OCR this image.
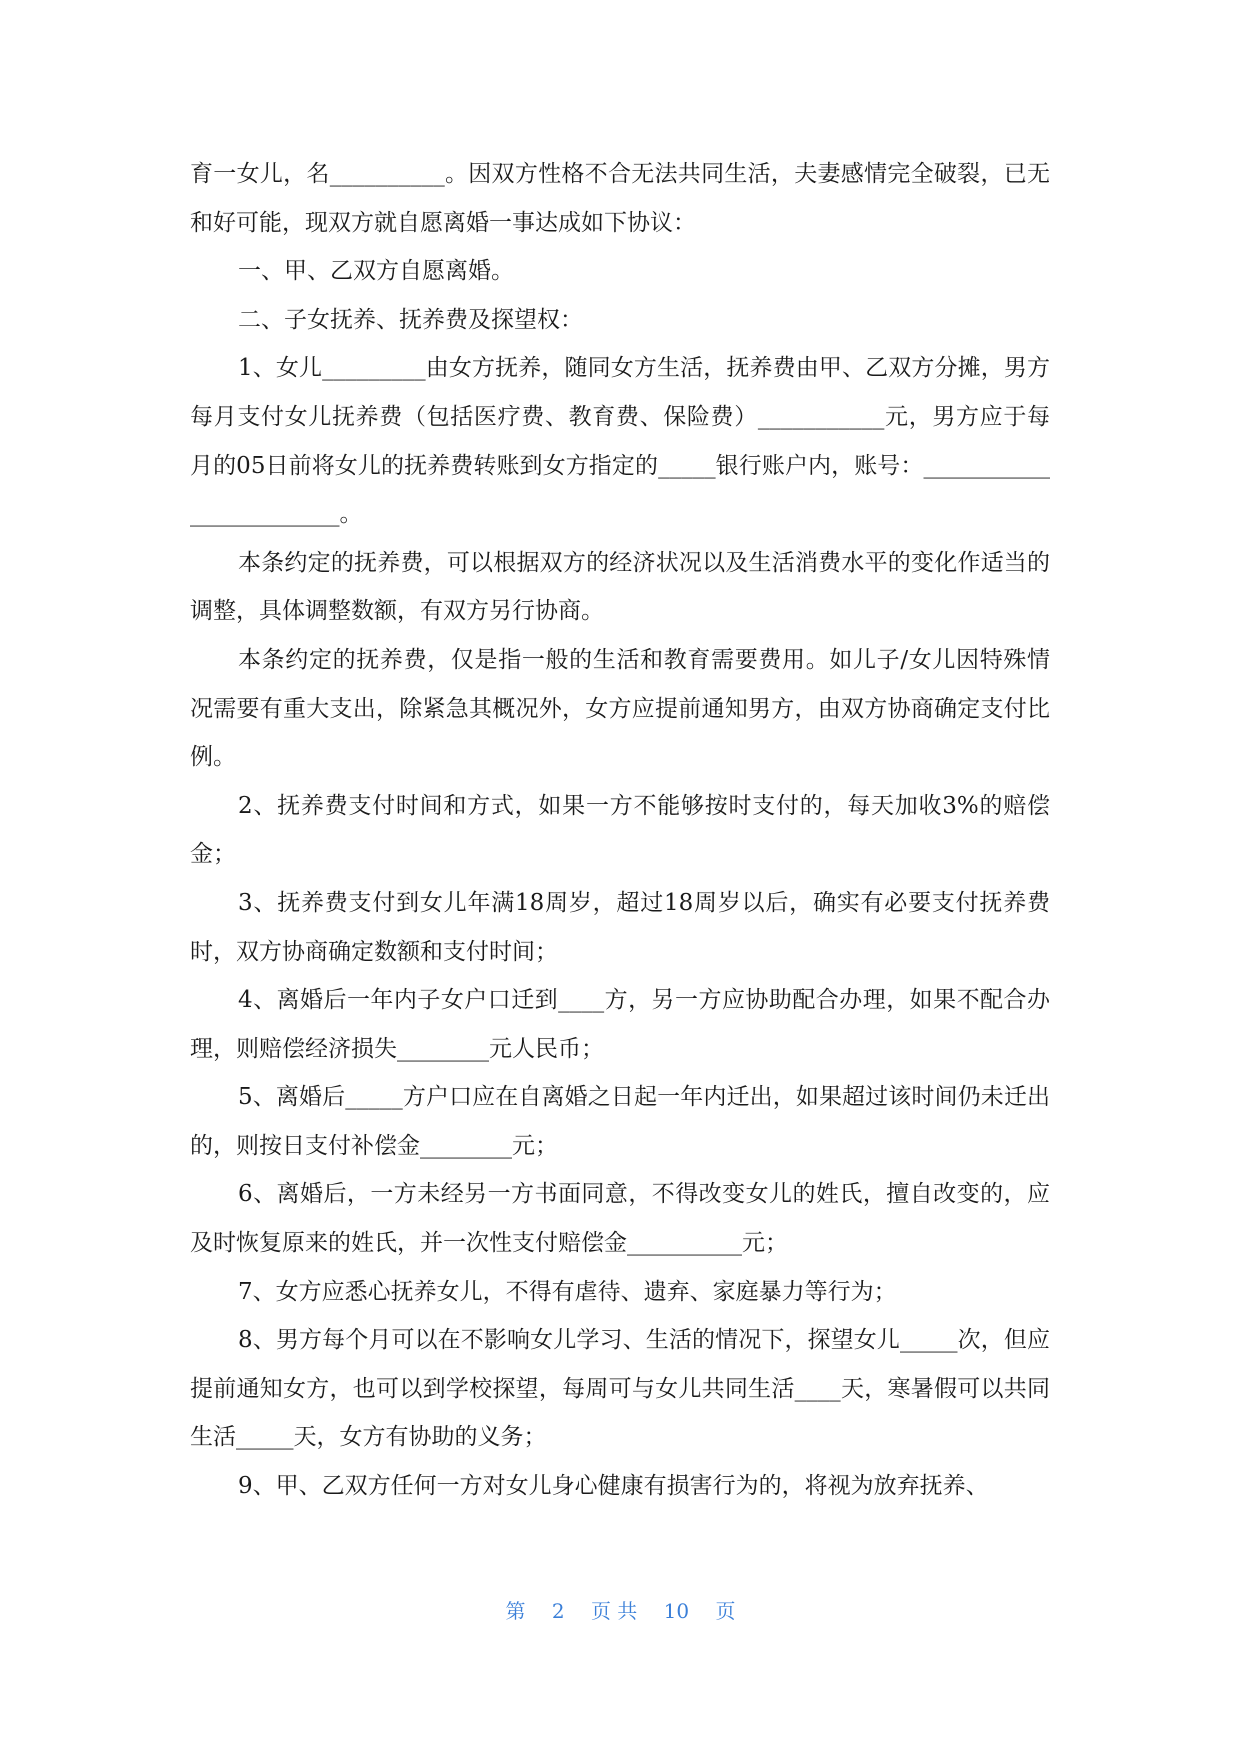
育一女儿，名__________。因双方性格不合无法共同生活，夫妻感情完全破裂，已无和好可能，现双方就自愿离婚一事达成如下协议：

一、甲、乙双方自愿离婚。

二、子女抚养、抚养费及探望权：

1、女儿_________由女方抚养，随同女方生活，抚养费由甲、乙双方分摊，男方每月支付女儿抚养费（包括医疗费、教育费、保险费）___________元，男方应于每月的05日前将女儿的抚养费转账到女方指定的_____银行账户内，账号：________________________。

本条约定的抚养费，可以根据双方的经济状况以及生活消费水平的变化作适当的调整，具体调整数额，有双方另行协商。

本条约定的抚养费，仅是指一般的生活和教育需要费用。如儿子/女儿因特殊情况需要有重大支出，除紧急其概况外，女方应提前通知男方，由双方协商确定支付比例。

2、抚养费支付时间和方式，如果一方不能够按时支付的，每天加收3%的赔偿金；

3、抚养费支付到女儿年满18周岁，超过18周岁以后，确实有必要支付抚养费时，双方协商确定数额和支付时间；

4、离婚后一年内子女户口迁到____方，另一方应协助配合办理，如果不配合办理，则赔偿经济损失________元人民币；

5、离婚后_____方户口应在自离婚之日起一年内迁出，如果超过该时间仍未迁出的，则按日支付补偿金________元；

6、离婚后，一方未经另一方书面同意，不得改变女儿的姓氏，擅自改变的，应及时恢复原来的姓氏，并一次性支付赔偿金__________元；

7、女方应悉心抚养女儿，不得有虐待、遗弃、家庭暴力等行为；

8、男方每个月可以在不影响女儿学习、生活的情况下，探望女儿_____次，但应提前通知女方，也可以到学校探望，每周可与女儿共同生活____天，寒暑假可以共同生活_____天，女方有协助的义务；

9、甲、乙双方任何一方对女儿身心健康有损害行为的，将视为放弃抚养、

第 2 页 共 10 页
